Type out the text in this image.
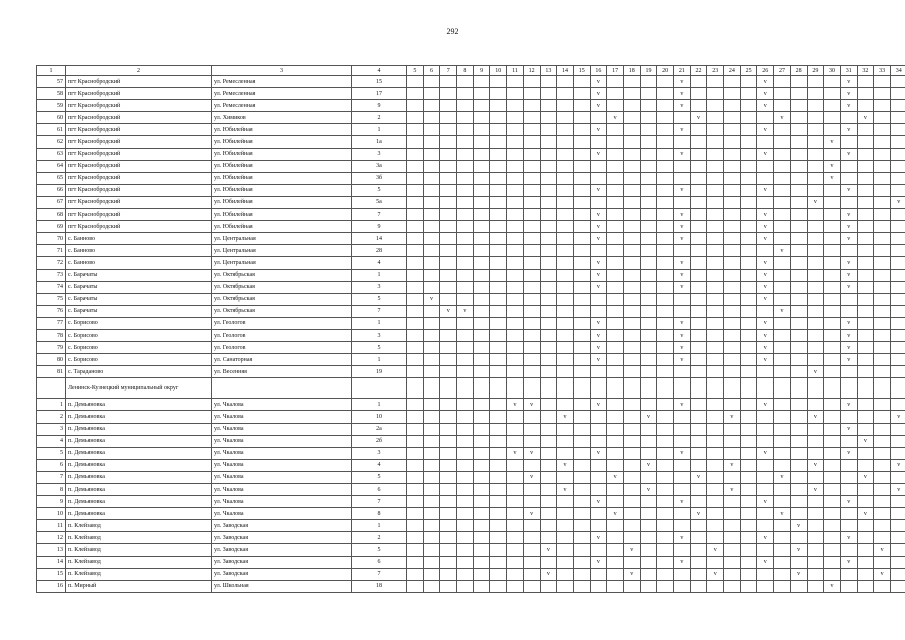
292
1	2	3	4	5	6	7	8	9	10	11	12	13	14	15	16	17	18	19	20	21	22	23	24	25	26	27	28	29	30	31	32	33	34
57	пгт Краснобродский	ул. Ремесленная	15												v					v					v					v			
58	пгт Краснобродский	ул. Ремесленная	17												v					v					v					v			
59	пгт Краснобродский	ул. Ремесленная	9												v					v					v					v			
60	пгт Краснобродский	ул. Химиков	2													v					v					v					v		
61	пгт Краснобродский	ул. Юбилейная	1												v					v					v					v			
62	пгт Краснобродский	ул. Юбилейная	1а																										v				
63	пгт Краснобродский	ул. Юбилейная	3												v					v					v					v			
64	пгт Краснобродский	ул. Юбилейная	3а																										v				
65	пгт Краснобродский	ул. Юбилейная	3б																										v				
66	пгт Краснобродский	ул. Юбилейная	5												v					v					v					v			
67	пгт Краснобродский	ул. Юбилейная	5а																									v					v
68	пгт Краснобродский	ул. Юбилейная	7												v					v					v					v			
69	пгт Краснобродский	ул. Юбилейная	9												v					v					v					v			
70	с. Банново	ул. Центральная	14												v					v					v					v			
71	с. Банново	ул. Центральная	28																							v							
72	с. Банново	ул. Центральная	4												v					v					v					v			
73	с. Барачаты	ул. Октябрьская	1												v					v					v					v			
74	с. Барачаты	ул. Октябрьская	3												v					v					v					v			
75	с. Барачаты	ул. Октябрьская	5		v																				v								
76	с. Барачаты	ул. Октябрьская	7			v	v																			v							
77	с. Борисово	ул. Геологов	1												v					v					v					v			
78	с. Борисово	ул. Геологов	3												v					v					v					v			
79	с. Борисово	ул. Геологов	5												v					v					v					v			
80	с. Борисово	ул. Санаторная	1												v					v					v					v			
81	с. Тараданово	ул. Весенняя	19																									v					
	Ленинск-Кузнецкий муниципальный округ																																
1	п. Демьяновка	ул. Чкалова	1							v	v				v					v					v					v			
2	п. Демьяновка	ул. Чкалова	10										v					v					v					v					v
3	п. Демьяновка	ул. Чкалова	2а																											v			
4	п. Демьяновка	ул. Чкалова	2б																												v		
5	п. Демьяновка	ул. Чкалова	3							v	v				v					v					v					v			
6	п. Демьяновка	ул. Чкалова	4										v					v					v					v					v
7	п. Демьяновка	ул. Чкалова	5								v					v					v					v					v		
8	п. Демьяновка	ул. Чкалова	6										v					v					v					v					v
9	п. Демьяновка	ул. Чкалова	7												v					v					v					v			
10	п. Демьяновка	ул. Чкалова	8								v					v					v					v					v		
11	п. Клейзавод	ул. Заводская	1																								v						
12	п. Клейзавод	ул. Заводская	2												v					v					v					v			
13	п. Клейзавод	ул. Заводская	5									v					v					v					v					v	
14	п. Клейзавод	ул. Заводская	6												v					v					v					v			
15	п. Клейзавод	ул. Заводская	7									v					v					v					v					v	
16	п. Мирный	ул. Школьная	18																										v				
